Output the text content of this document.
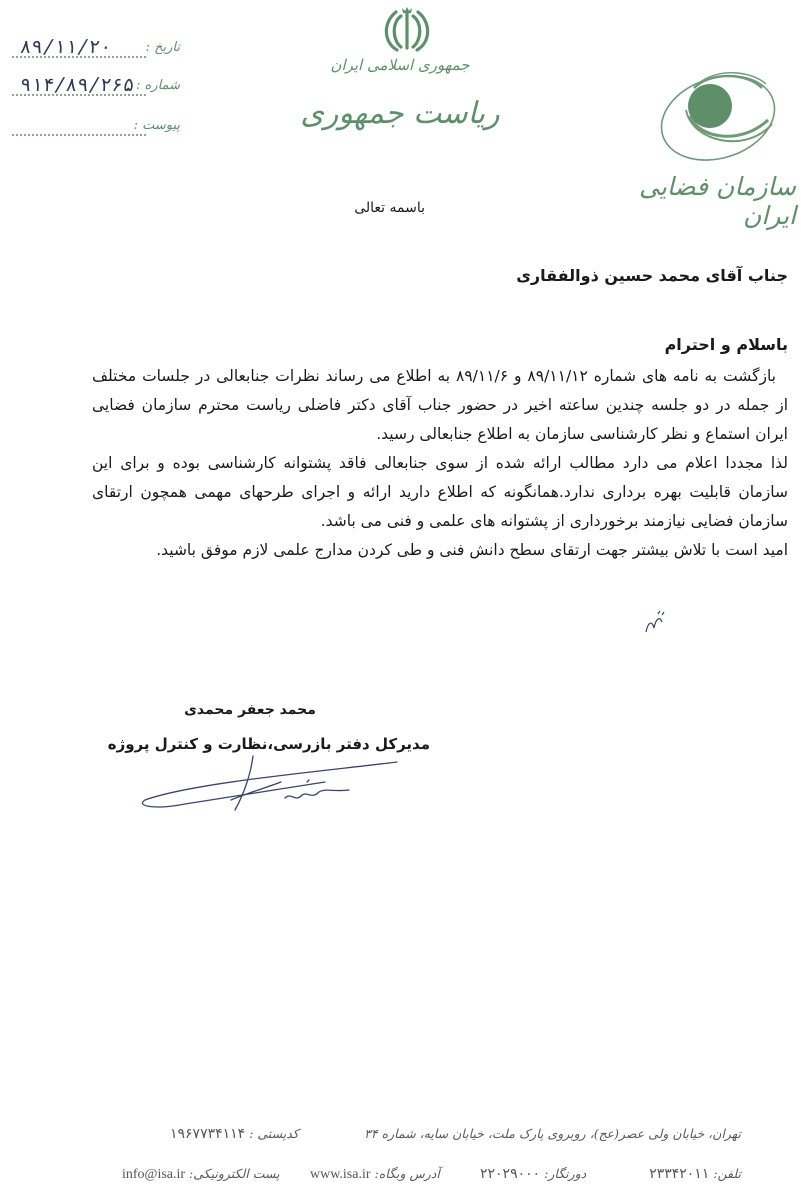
۸۹/۱۱/۲۰	تاریخ :
۹۱۴/۸۹/۲۶۵ شماره :
پیوست :
جمهوری اسلامی ایران
ریاست جمهوری
سازمان فضایی ایران
باسمه تعالی
جناب آقای محمد حسین ذوالفقاری
باسلام و احترام

بازگشت به نامه های شماره ۸۹/۱۱/۱۲ و ۸۹/۱۱/۶ به اطلاع می رساند نظرات جنابعالی در جلسات مختلف از جمله در دو جلسه چندین ساعته اخیر در حضور جناب آقای دکتر فاضلی ریاست محترم سازمان فضایی ایران استماع و نظر کارشناسی سازمان به اطلاع جنابعالی رسید.

لذا مجددا اعلام می دارد مطالب ارائه شده از سوی جنابعالی فاقد پشتوانه کارشناسی بوده و برای این سازمان قابلیت بهره برداری ندارد.همانگونه که اطلاع دارید ارائه و اجرای طرحهای مهمی همچون ارتقای سازمان فضایی نیازمند برخورداری از پشتوانه های علمی و فنی می باشد.

امید است با تلاش بیشتر جهت ارتقای سطح دانش فنی و طی کردن مدارج علمی لازم موفق باشید.

محمد جعفر محمدی
مدیرکل دفتر بازرسی،نظارت و کنترل پروژه
تهران، خیابان ولی عصر(عج)، روبروی پارک ملت، خیابان سایه، شماره ۳۴
کدپستی : ۱۹۶۷۷۳۴۱۱۴
تلفن: ۲۳۳۴۲۰۱۱
دورنگار: ۲۲۰۲۹۰۰۰
آدرس وبگاه: www.isa.ir
پست الکترونیکی: info@isa.ir
